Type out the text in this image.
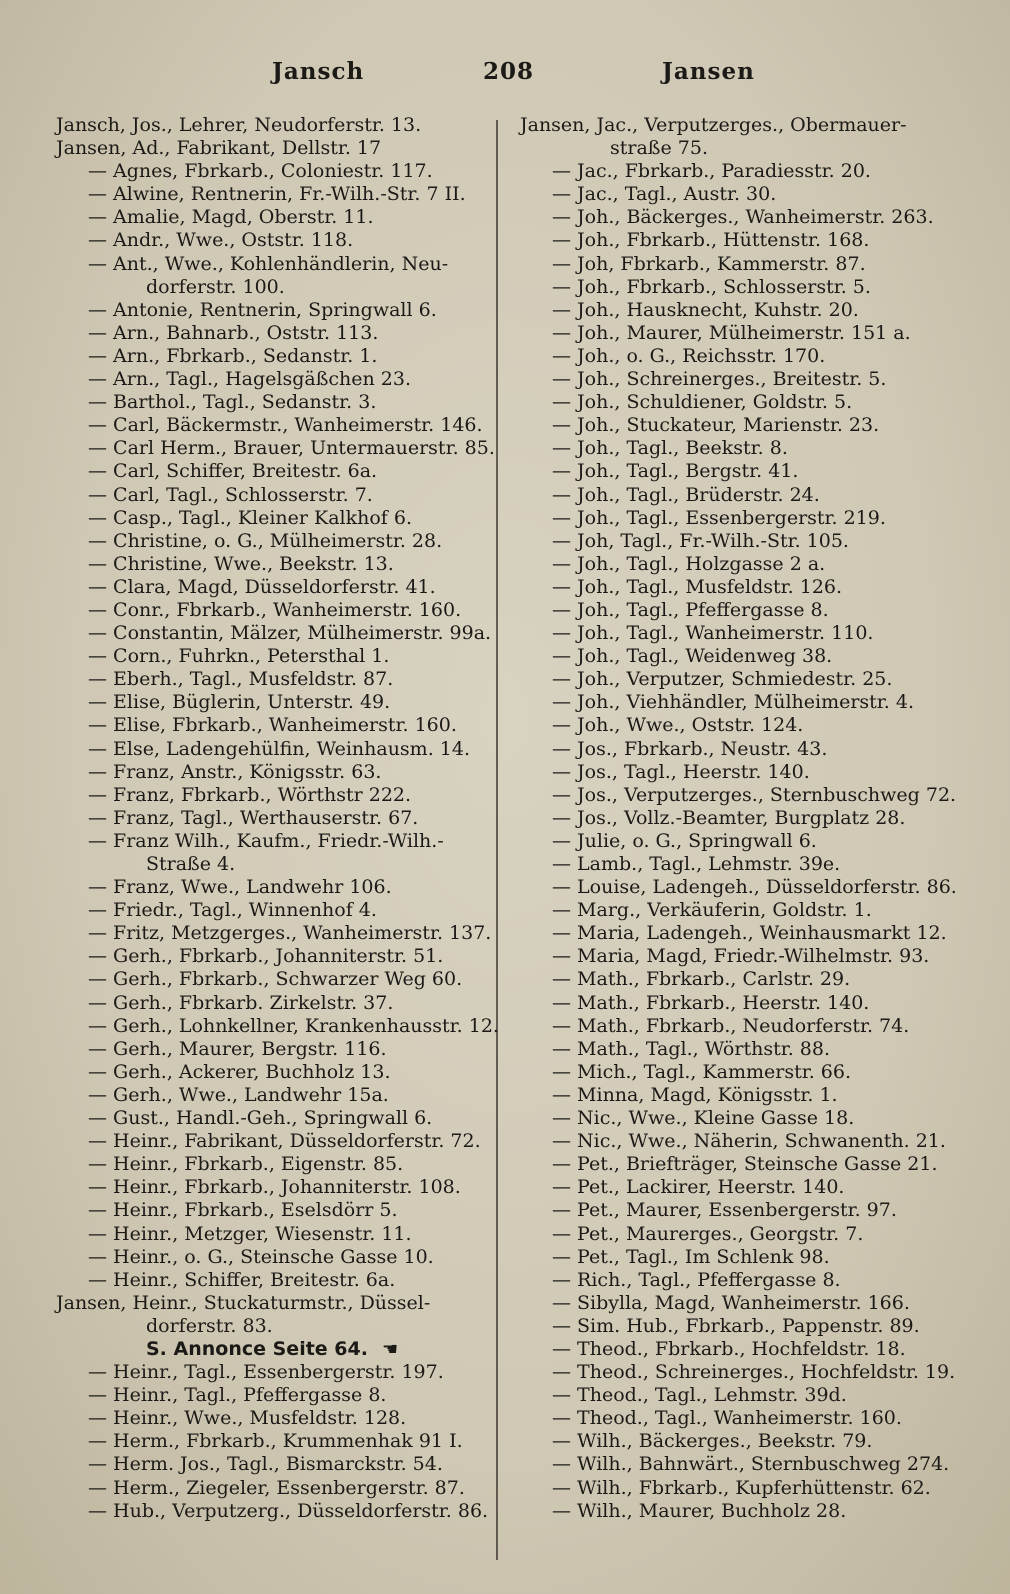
Jansch	208	Jansen
Jansch, Jos., Lehrer, Neudorferstr. 13.
Jansen, Ad., Fabrikant, Dellstr. 17
— Agnes, Fbrkarb., Coloniestr. 117.
— Alwine, Rentnerin, Fr.-Wilh.-Str. 7 II.
— Amalie, Magd, Oberstr. 11.
— Andr., Wwe., Oststr. 118.
— Ant., Wwe., Kohlenhändlerin, Neu-
dorferstr. 100.
— Antonie, Rentnerin, Springwall 6.
— Arn., Bahnarb., Oststr. 113.
— Arn., Fbrkarb., Sedanstr. 1.
— Arn., Tagl., Hagelsgäßchen 23.
— Barthol., Tagl., Sedanstr. 3.
— Carl, Bäckermstr., Wanheimerstr. 146.
— Carl Herm., Brauer, Untermauerstr. 85.
— Carl, Schiffer, Breitestr. 6a.
— Carl, Tagl., Schlosserstr. 7.
— Casp., Tagl., Kleiner Kalkhof 6.
— Christine, o. G., Mülheimerstr. 28.
— Christine, Wwe., Beekstr. 13.
— Clara, Magd, Düsseldorferstr. 41.
— Conr., Fbrkarb., Wanheimerstr. 160.
— Constantin, Mälzer, Mülheimerstr. 99a.
— Corn., Fuhrkn., Petersthal 1.
— Eberh., Tagl., Musfeldstr. 87.
— Elise, Büglerin, Unterstr. 49.
— Elise, Fbrkarb., Wanheimerstr. 160.
— Else, Ladengehülfin, Weinhausm. 14.
— Franz, Anstr., Königsstr. 63.
— Franz, Fbrkarb., Wörthstr 222.
— Franz, Tagl., Werthauserstr. 67.
— Franz Wilh., Kaufm., Friedr.-Wilh.-
Straße 4.
— Franz, Wwe., Landwehr 106.
— Friedr., Tagl., Winnenhof 4.
— Fritz, Metzgerges., Wanheimerstr. 137.
— Gerh., Fbrkarb., Johanniterstr. 51.
— Gerh., Fbrkarb., Schwarzer Weg 60.
— Gerh., Fbrkarb. Zirkelstr. 37.
— Gerh., Lohnkellner, Krankenhausstr. 12.
— Gerh., Maurer, Bergstr. 116.
— Gerh., Ackerer, Buchholz 13.
— Gerh., Wwe., Landwehr 15a.
— Gust., Handl.-Geh., Springwall 6.
— Heinr., Fabrikant, Düsseldorferstr. 72.
— Heinr., Fbrkarb., Eigenstr. 85.
— Heinr., Fbrkarb., Johanniterstr. 108.
— Heinr., Fbrkarb., Eselsdörr 5.
— Heinr., Metzger, Wiesenstr. 11.
— Heinr., o. G., Steinsche Gasse 10.
— Heinr., Schiffer, Breitestr. 6a.
Jansen, Heinr., Stuckaturmstr., Düssel-
dorferstr. 83.
S. Annonce Seite 64. ☚
— Heinr., Tagl., Essenbergerstr. 197.
— Heinr., Tagl., Pfeffergasse 8.
— Heinr., Wwe., Musfeldstr. 128.
— Herm., Fbrkarb., Krummenhak 91 I.
— Herm. Jos., Tagl., Bismarckstr. 54.
— Herm., Ziegeler, Essenbergerstr. 87.
— Hub., Verputzerg., Düsseldorferstr. 86.
Jansen, Jac., Verputzerges., Obermauer-
straße 75.
— Jac., Fbrkarb., Paradiesstr. 20.
— Jac., Tagl., Austr. 30.
— Joh., Bäckerges., Wanheimerstr. 263.
— Joh., Fbrkarb., Hüttenstr. 168.
— Joh, Fbrkarb., Kammerstr. 87.
— Joh., Fbrkarb., Schlosserstr. 5.
— Joh., Hausknecht, Kuhstr. 20.
— Joh., Maurer, Mülheimerstr. 151 a.
— Joh., o. G., Reichsstr. 170.
— Joh., Schreinerges., Breitestr. 5.
— Joh., Schuldiener, Goldstr. 5.
— Joh., Stuckateur, Marienstr. 23.
— Joh., Tagl., Beekstr. 8.
— Joh., Tagl., Bergstr. 41.
— Joh., Tagl., Brüderstr. 24.
— Joh., Tagl., Essenbergerstr. 219.
— Joh, Tagl., Fr.-Wilh.-Str. 105.
— Joh., Tagl., Holzgasse 2 a.
— Joh., Tagl., Musfeldstr. 126.
— Joh., Tagl., Pfeffergasse 8.
— Joh., Tagl., Wanheimerstr. 110.
— Joh., Tagl., Weidenweg 38.
— Joh., Verputzer, Schmiedestr. 25.
— Joh., Viehhändler, Mülheimerstr. 4.
— Joh., Wwe., Oststr. 124.
— Jos., Fbrkarb., Neustr. 43.
— Jos., Tagl., Heerstr. 140.
— Jos., Verputzerges., Sternbuschweg 72.
— Jos., Vollz.-Beamter, Burgplatz 28.
— Julie, o. G., Springwall 6.
— Lamb., Tagl., Lehmstr. 39e.
— Louise, Ladengeh., Düsseldorferstr. 86.
— Marg., Verkäuferin, Goldstr. 1.
— Maria, Ladengeh., Weinhausmarkt 12.
— Maria, Magd, Friedr.-Wilhelmstr. 93.
— Math., Fbrkarb., Carlstr. 29.
— Math., Fbrkarb., Heerstr. 140.
— Math., Fbrkarb., Neudorferstr. 74.
— Math., Tagl., Wörthstr. 88.
— Mich., Tagl., Kammerstr. 66.
— Minna, Magd, Königsstr. 1.
— Nic., Wwe., Kleine Gasse 18.
— Nic., Wwe., Näherin, Schwanenth. 21.
— Pet., Briefträger, Steinsche Gasse 21.
— Pet., Lackirer, Heerstr. 140.
— Pet., Maurer, Essenbergerstr. 97.
— Pet., Maurerges., Georgstr. 7.
— Pet., Tagl., Im Schlenk 98.
— Rich., Tagl., Pfeffergasse 8.
— Sibylla, Magd, Wanheimerstr. 166.
— Sim. Hub., Fbrkarb., Pappenstr. 89.
— Theod., Fbrkarb., Hochfeldstr. 18.
— Theod., Schreinerges., Hochfeldstr. 19.
— Theod., Tagl., Lehmstr. 39d.
— Theod., Tagl., Wanheimerstr. 160.
— Wilh., Bäckerges., Beekstr. 79.
— Wilh., Bahnwärt., Sternbuschweg 274.
— Wilh., Fbrkarb., Kupferhüttenstr. 62.
— Wilh., Maurer, Buchholz 28.
